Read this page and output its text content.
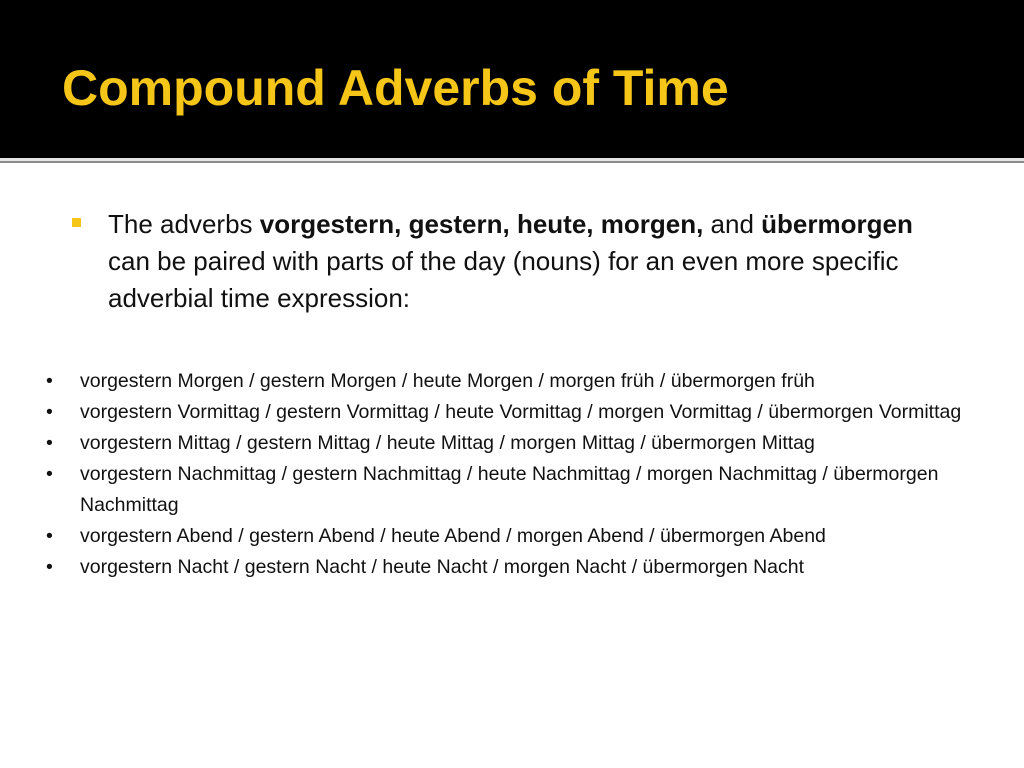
Compound Adverbs of Time

The adverbs vorgestern, gestern, heute, morgen, and übermorgen can be paired with parts of the day (nouns) for an even more specific adverbial time expression:

• vorgestern Morgen / gestern Morgen / heute Morgen / morgen früh / übermorgen früh
• vorgestern Vormittag / gestern Vormittag / heute Vormittag / morgen Vormittag / übermorgen Vormittag
• vorgestern Mittag / gestern Mittag / heute Mittag / morgen Mittag / übermorgen Mittag
• vorgestern Nachmittag / gestern Nachmittag / heute Nachmittag / morgen Nachmittag / übermorgen Nachmittag
• vorgestern Abend / gestern Abend / heute Abend / morgen Abend / übermorgen Abend
• vorgestern Nacht / gestern Nacht / heute Nacht / morgen Nacht / übermorgen Nacht
